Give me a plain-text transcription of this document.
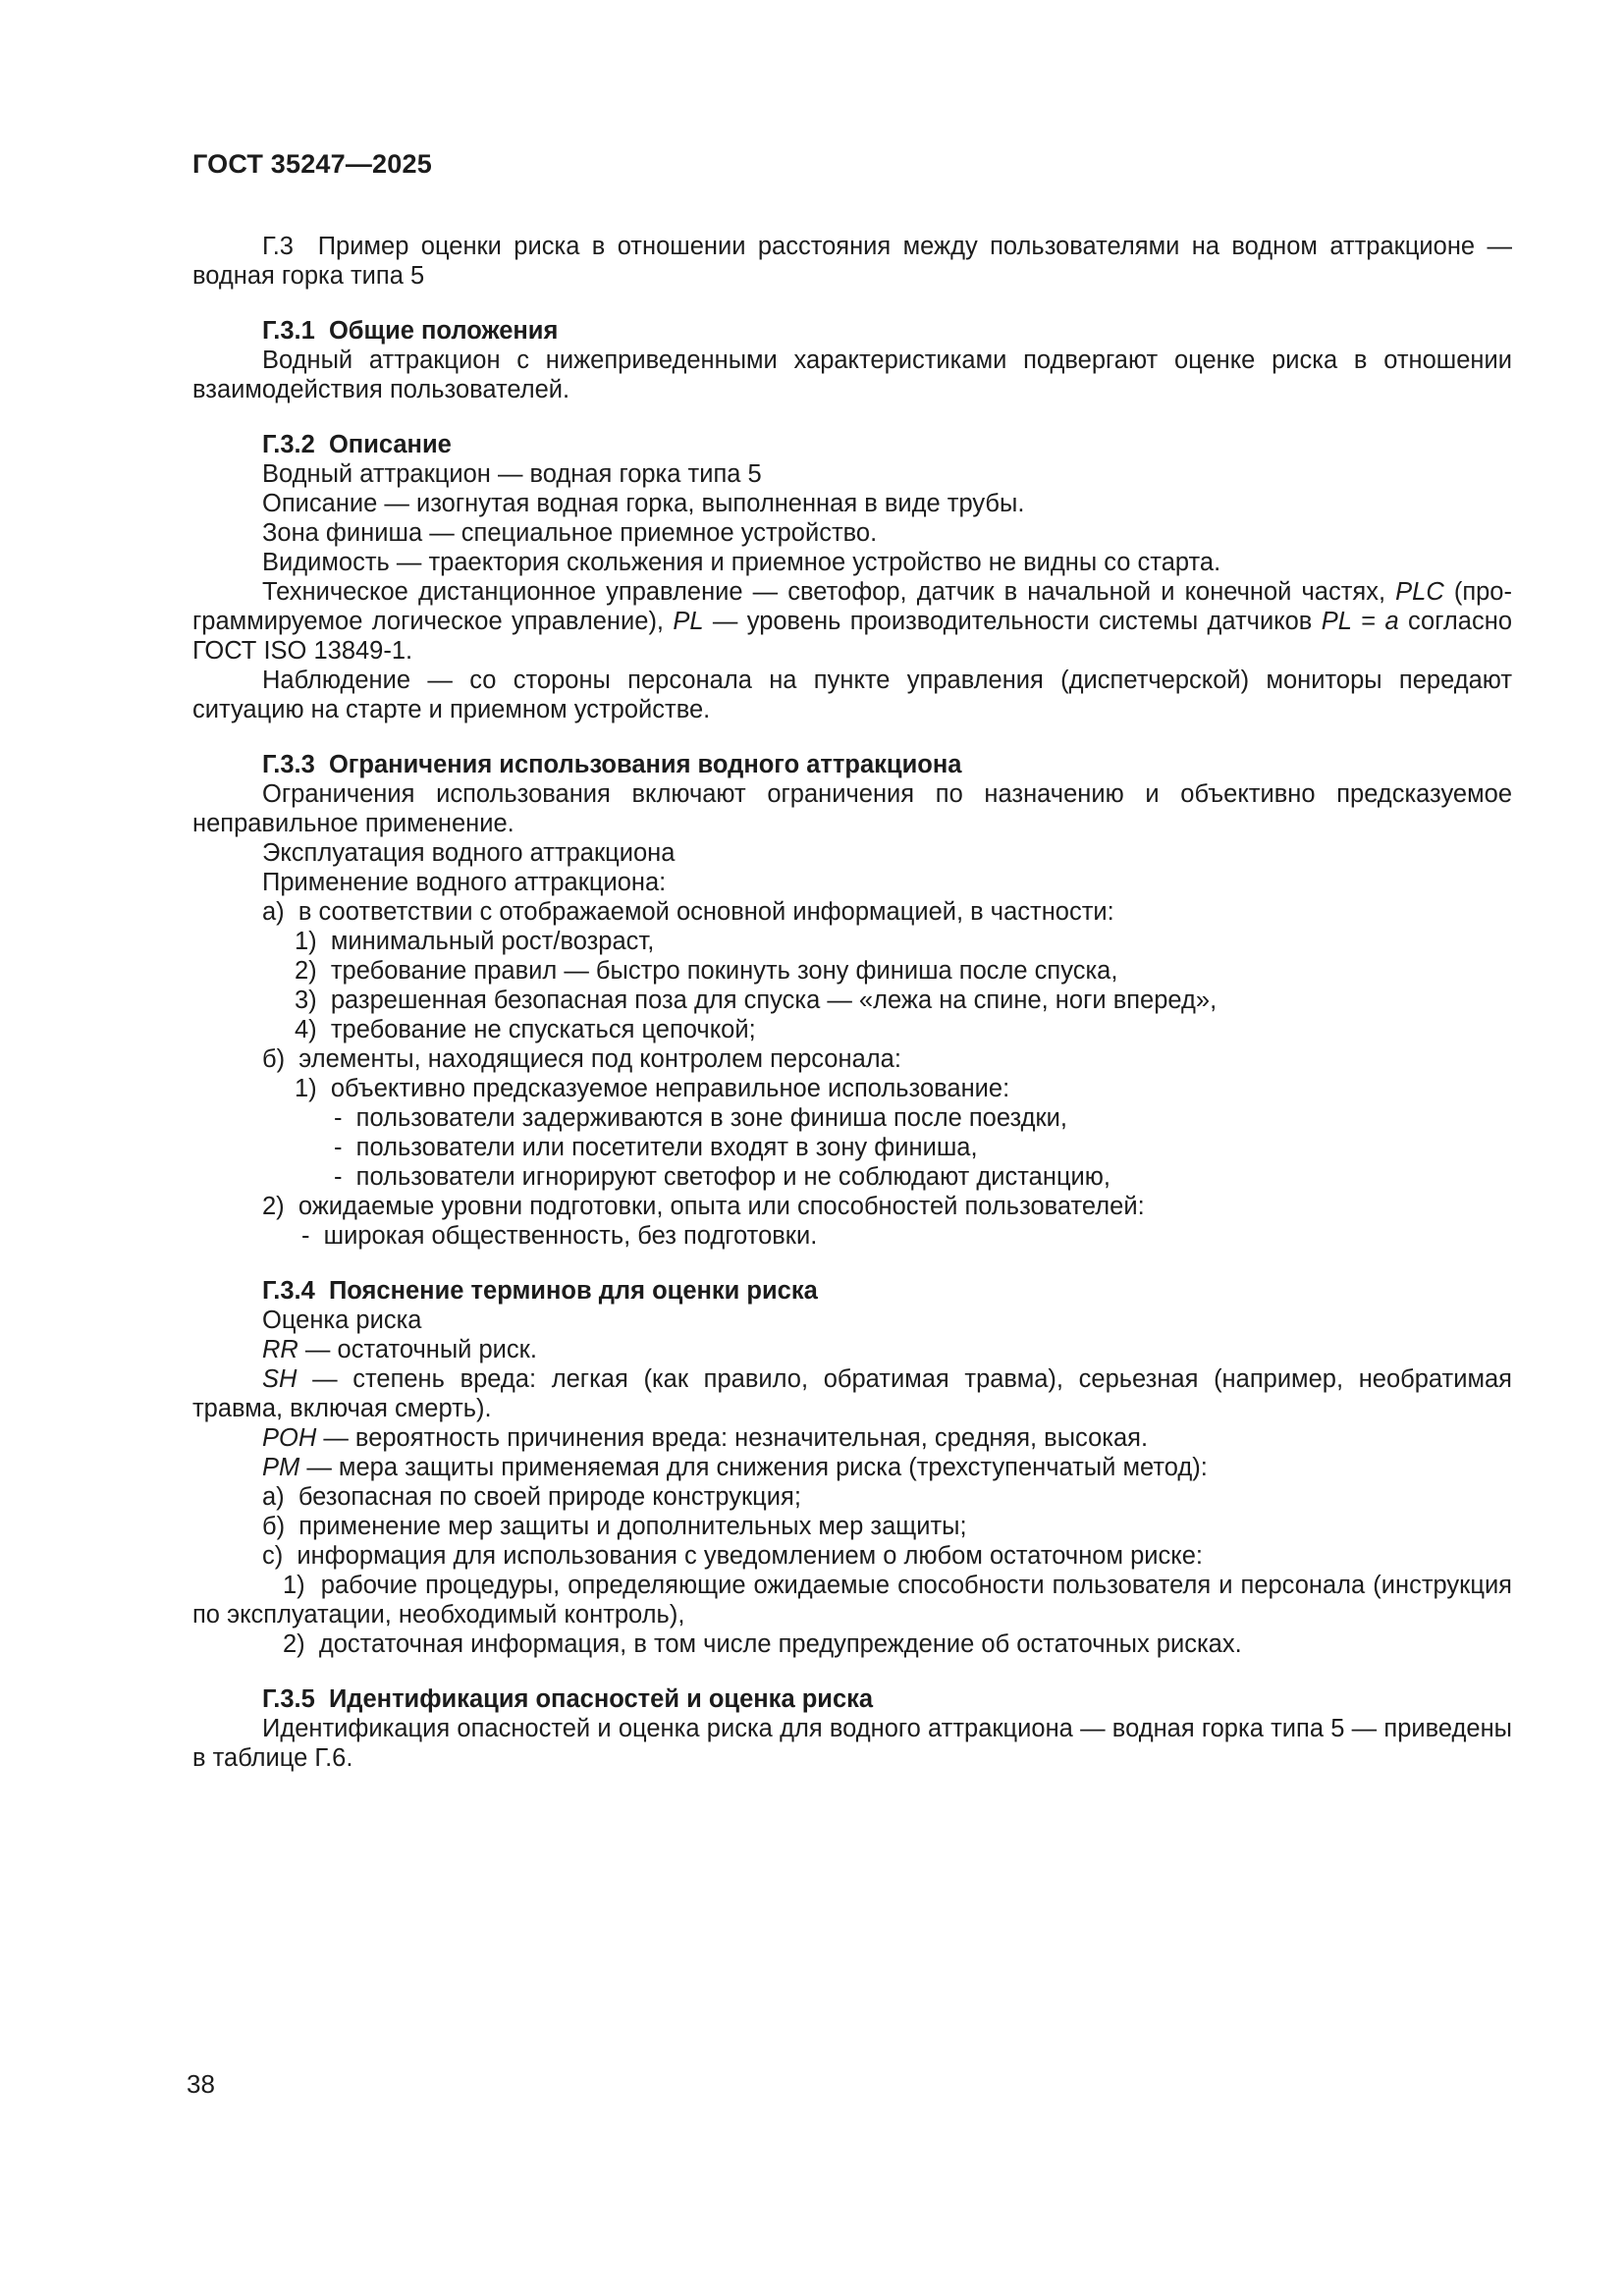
ГОСТ 35247—2025

Г.3  Пример оценки риска в отношении расстояния между пользователями на водном аттракционе — водная горка типа 5

Г.3.1  Общие положения

Водный аттракцион с нижеприведенными характеристиками подвергают оценке риска в отношении взаимодействия пользователей.

Г.3.2  Описание

Водный аттракцион — водная горка типа 5

Описание — изогнутая водная горка, выполненная в виде трубы.

Зона финиша — специальное приемное устройство.

Видимость — траектория скольжения и приемное устройство не видны со старта.

Техническое дистанционное управление — светофор, датчик в начальной и конечной частях, PLC (программируемое логическое управление), PL — уровень производительности системы датчиков PL = a согласно ГОСТ ISO 13849-1.

Наблюдение — со стороны персонала на пункте управления (диспетчерской) мониторы передают ситуацию на старте и приемном устройстве.

Г.3.3  Ограничения использования водного аттракциона

Ограничения использования включают ограничения по назначению и объективно предсказуемое неправильное применение.

Эксплуатация водного аттракциона

Применение водного аттракциона:

а)  в соответствии с отображаемой основной информацией, в частности:

1)  минимальный рост/возраст,

2)  требование правил — быстро покинуть зону финиша после спуска,

3)  разрешенная безопасная поза для спуска — «лежа на спине, ноги вперед»,

4)  требование не спускаться цепочкой;

б)  элементы, находящиеся под контролем персонала:

1)  объективно предсказуемое неправильное использование:

-  пользователи задерживаются в зоне финиша после поездки,

-  пользователи или посетители входят в зону финиша,

-  пользователи игнорируют светофор и не соблюдают дистанцию,

2)  ожидаемые уровни подготовки, опыта или способностей пользователей:

-  широкая общественность, без подготовки.

Г.3.4  Пояснение терминов для оценки риска

Оценка риска

RR — остаточный риск.

SH — степень вреда: легкая (как правило, обратимая травма), серьезная (например, необратимая травма, включая смерть).

POH — вероятность причинения вреда: незначительная, средняя, высокая.

PM — мера защиты применяемая для снижения риска (трехступенчатый метод):

а)  безопасная по своей природе конструкция;

б)  применение мер защиты и дополнительных мер защиты;

с)  информация для использования с уведомлением о любом остаточном риске:

1)  рабочие процедуры, определяющие ожидаемые способности пользователя и персонала (инструкция по эксплуатации, необходимый контроль),

2)  достаточная информация, в том числе предупреждение об остаточных рисках.

Г.3.5  Идентификация опасностей и оценка риска

Идентификация опасностей и оценка риска для водного аттракциона — водная горка типа 5 — приведены в таблице Г.6.

38
